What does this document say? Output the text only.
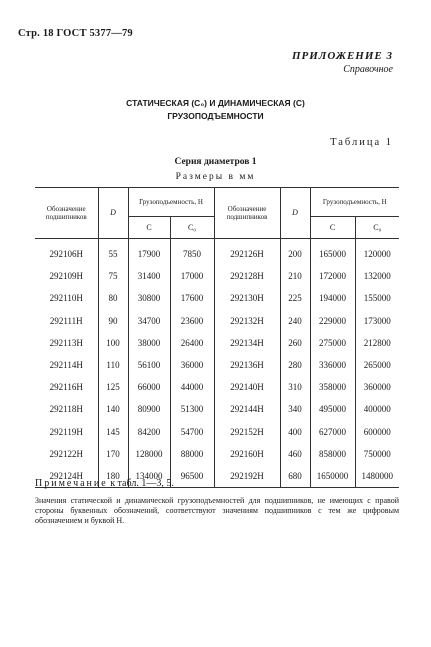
Стр. 18 ГОСТ 5377—79
ПРИЛОЖЕНИЕ 3
Справочное
СТАТИЧЕСКАЯ (C₀) И ДИНАМИЧЕСКАЯ (C)
ГРУЗОПОДЪЕМНОСТИ
Таблица 1
Серия диаметров 1
Размеры в мм
Обозначение подшипников	D	Грузоподъемность, Н		Обозначение подшипников	D	Грузоподъемность, Н	
		C	C₀			C	C₀
292106H	55	17900	7850	292126H	200	165000	120000
292109H	75	31400	17000	292128H	210	172000	132000
292110H	80	30800	17600	292130H	225	194000	155000
292111H	90	34700	23600	292132H	240	229000	173000
292113H	100	38000	26400	292134H	260	275000	212800
292114H	110	56100	36000	292136H	280	336000	265000
292116H	125	66000	44000	292140H	310	358000	360000
292118H	140	80900	51300	292144H	340	495000	400000
292119H	145	84200	54700	292152H	400	627000	600000
292122H	170	128000	88000	292160H	460	858000	750000
292124H	180	134000	96500	292192H	680	1650000	1480000
Примечание к табл. 1—3, 5.
Значения статической и динамической грузоподъемностей для подшипников, не имеющих с правой стороны буквенных обозначений, соответствуют значениям подшипников с тем же цифровым обозначением и буквой Н.
